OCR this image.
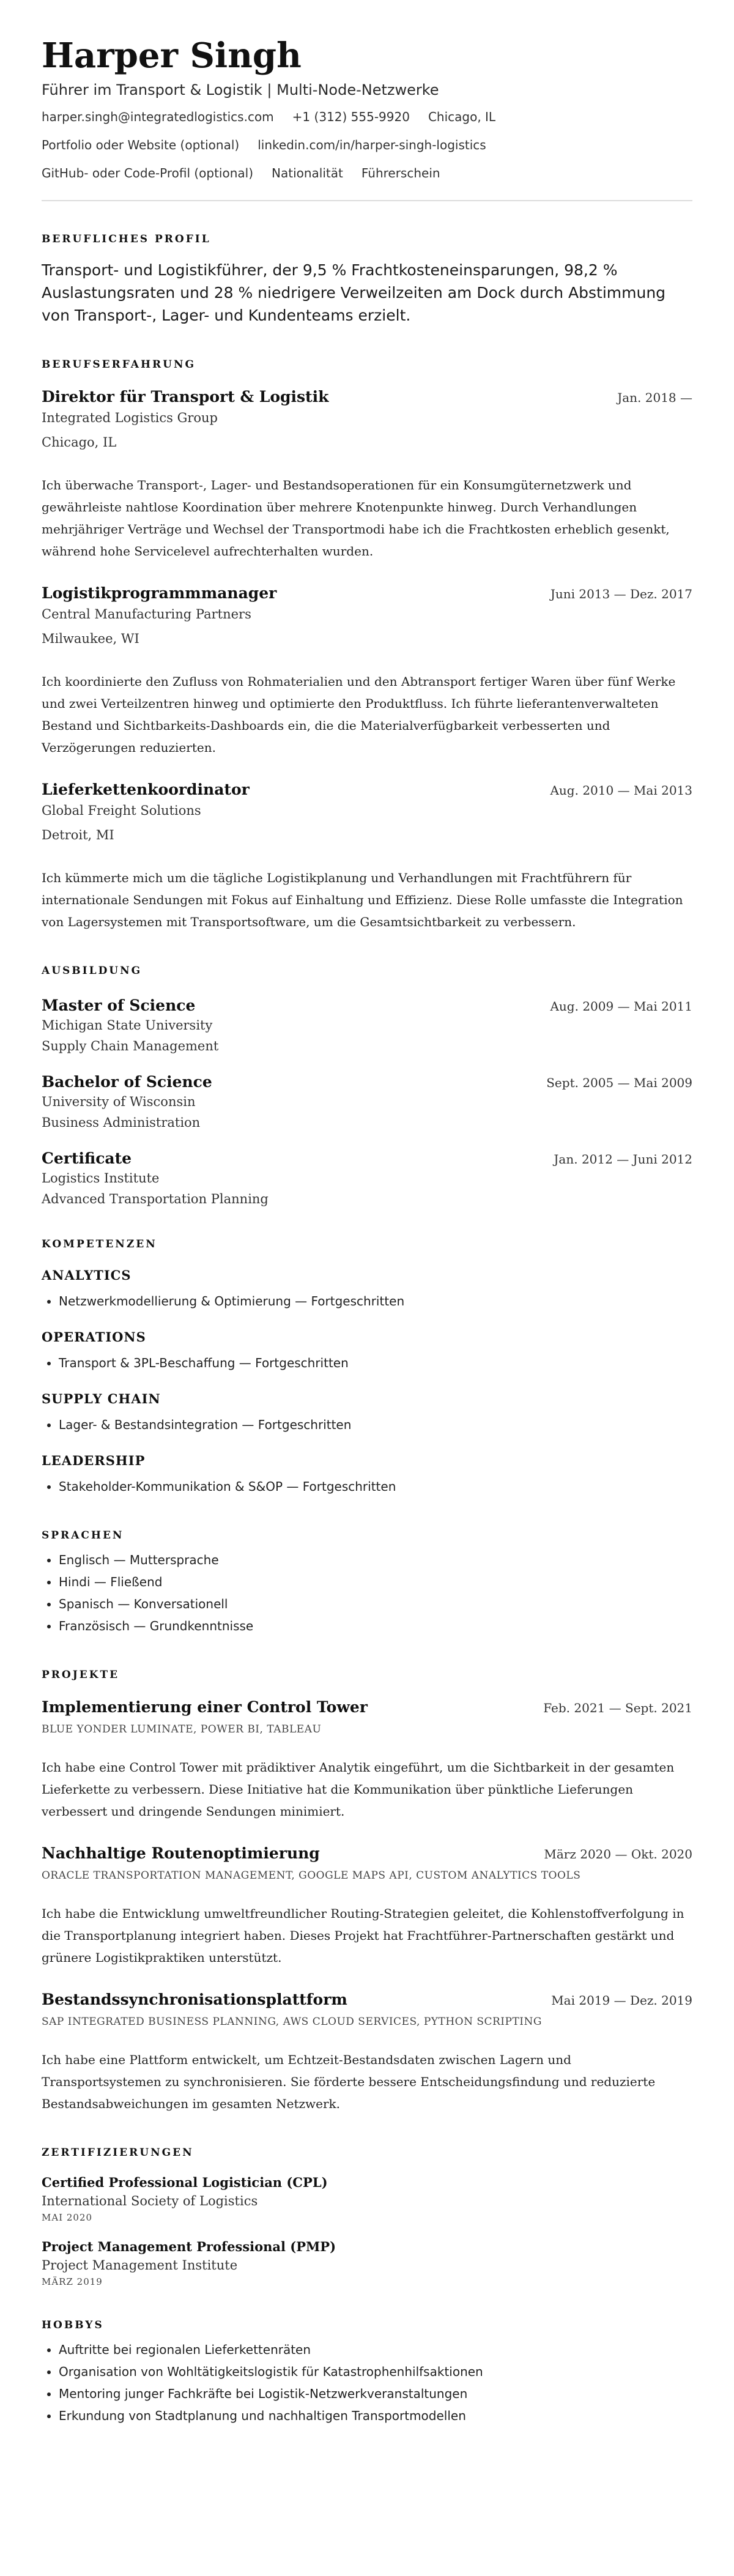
Harper Singh
Führer im Transport & Logistik | Multi-Node-Netzwerke
harper.singh@integratedlogistics.com +1 (312) 555-9920 Chicago, IL
Portfolio oder Website (optional) linkedin.com/in/harper-singh-logistics
GitHub- oder Code-Profil (optional) Nationalität Führerschein
BERUFLICHES PROFIL
Transport- und Logistikführer, der 9,5 % Frachtkosteneinsparungen, 98,2 % Auslastungsraten und 28 % niedrigere Verweilzeiten am Dock durch Abstimmung von Transport-, Lager- und Kundenteams erzielt.
BERUFSERFAHRUNG
Direktor für Transport & Logistik	Jan. 2018 —
Integrated Logistics Group
Chicago, IL
Ich überwache Transport-, Lager- und Bestandsoperationen für ein Konsumgüternetzwerk und gewährleiste nahtlose Koordination über mehrere Knotenpunkte hinweg. Durch Verhandlungen mehrjähriger Verträge und Wechsel der Transportmodi habe ich die Frachtkosten erheblich gesenkt, während hohe Servicelevel aufrechterhalten wurden.
Logistikprogrammmanager	Juni 2013 — Dez. 2017
Central Manufacturing Partners
Milwaukee, WI
Ich koordinierte den Zufluss von Rohmaterialien und den Abtransport fertiger Waren über fünf Werke und zwei Verteilzentren hinweg und optimierte den Produktfluss. Ich führte lieferantenverwalteten Bestand und Sichtbarkeits-Dashboards ein, die die Materialverfügbarkeit verbesserten und Verzögerungen reduzierten.
Lieferkettenkoordinator	Aug. 2010 — Mai 2013
Global Freight Solutions
Detroit, MI
Ich kümmerte mich um die tägliche Logistikplanung und Verhandlungen mit Frachtführern für internationale Sendungen mit Fokus auf Einhaltung und Effizienz. Diese Rolle umfasste die Integration von Lagersystemen mit Transportsoftware, um die Gesamtsichtbarkeit zu verbessern.
AUSBILDUNG
Master of Science	Aug. 2009 — Mai 2011
Michigan State University
Supply Chain Management
Bachelor of Science	Sept. 2005 — Mai 2009
University of Wisconsin
Business Administration
Certificate	Jan. 2012 — Juni 2012
Logistics Institute
Advanced Transportation Planning
KOMPETENZEN
ANALYTICS
• Netzwerkmodellierung & Optimierung — Fortgeschritten
OPERATIONS
• Transport & 3PL-Beschaffung — Fortgeschritten
SUPPLY CHAIN
• Lager- & Bestandsintegration — Fortgeschritten
LEADERSHIP
• Stakeholder-Kommunikation & S&OP — Fortgeschritten
SPRACHEN
• Englisch — Muttersprache
• Hindi — Fließend
• Spanisch — Konversationell
• Französisch — Grundkenntnisse
PROJEKTE
Implementierung einer Control Tower	Feb. 2021 — Sept. 2021
BLUE YONDER LUMINATE, POWER BI, TABLEAU
Ich habe eine Control Tower mit prädiktiver Analytik eingeführt, um die Sichtbarkeit in der gesamten Lieferkette zu verbessern. Diese Initiative hat die Kommunikation über pünktliche Lieferungen verbessert und dringende Sendungen minimiert.
Nachhaltige Routenoptimierung	März 2020 — Okt. 2020
ORACLE TRANSPORTATION MANAGEMENT, GOOGLE MAPS API, CUSTOM ANALYTICS TOOLS
Ich habe die Entwicklung umweltfreundlicher Routing-Strategien geleitet, die Kohlenstoffverfolgung in die Transportplanung integriert haben. Dieses Projekt hat Frachtführer-Partnerschaften gestärkt und grünere Logistikpraktiken unterstützt.
Bestandssynchronisationsplattform	Mai 2019 — Dez. 2019
SAP INTEGRATED BUSINESS PLANNING, AWS CLOUD SERVICES, PYTHON SCRIPTING
Ich habe eine Plattform entwickelt, um Echtzeit-Bestandsdaten zwischen Lagern und Transportsystemen zu synchronisieren. Sie förderte bessere Entscheidungsfindung und reduzierte Bestandsabweichungen im gesamten Netzwerk.
ZERTIFIZIERUNGEN
Certified Professional Logistician (CPL)
International Society of Logistics
MAI 2020
Project Management Professional (PMP)
Project Management Institute
MÄRZ 2019
HOBBYS
• Auftritte bei regionalen Lieferkettenräten
• Organisation von Wohltätigkeitslogistik für Katastrophenhilfsaktionen
• Mentoring junger Fachkräfte bei Logistik-Netzwerkveranstaltungen
• Erkundung von Stadtplanung und nachhaltigen Transportmodellen
